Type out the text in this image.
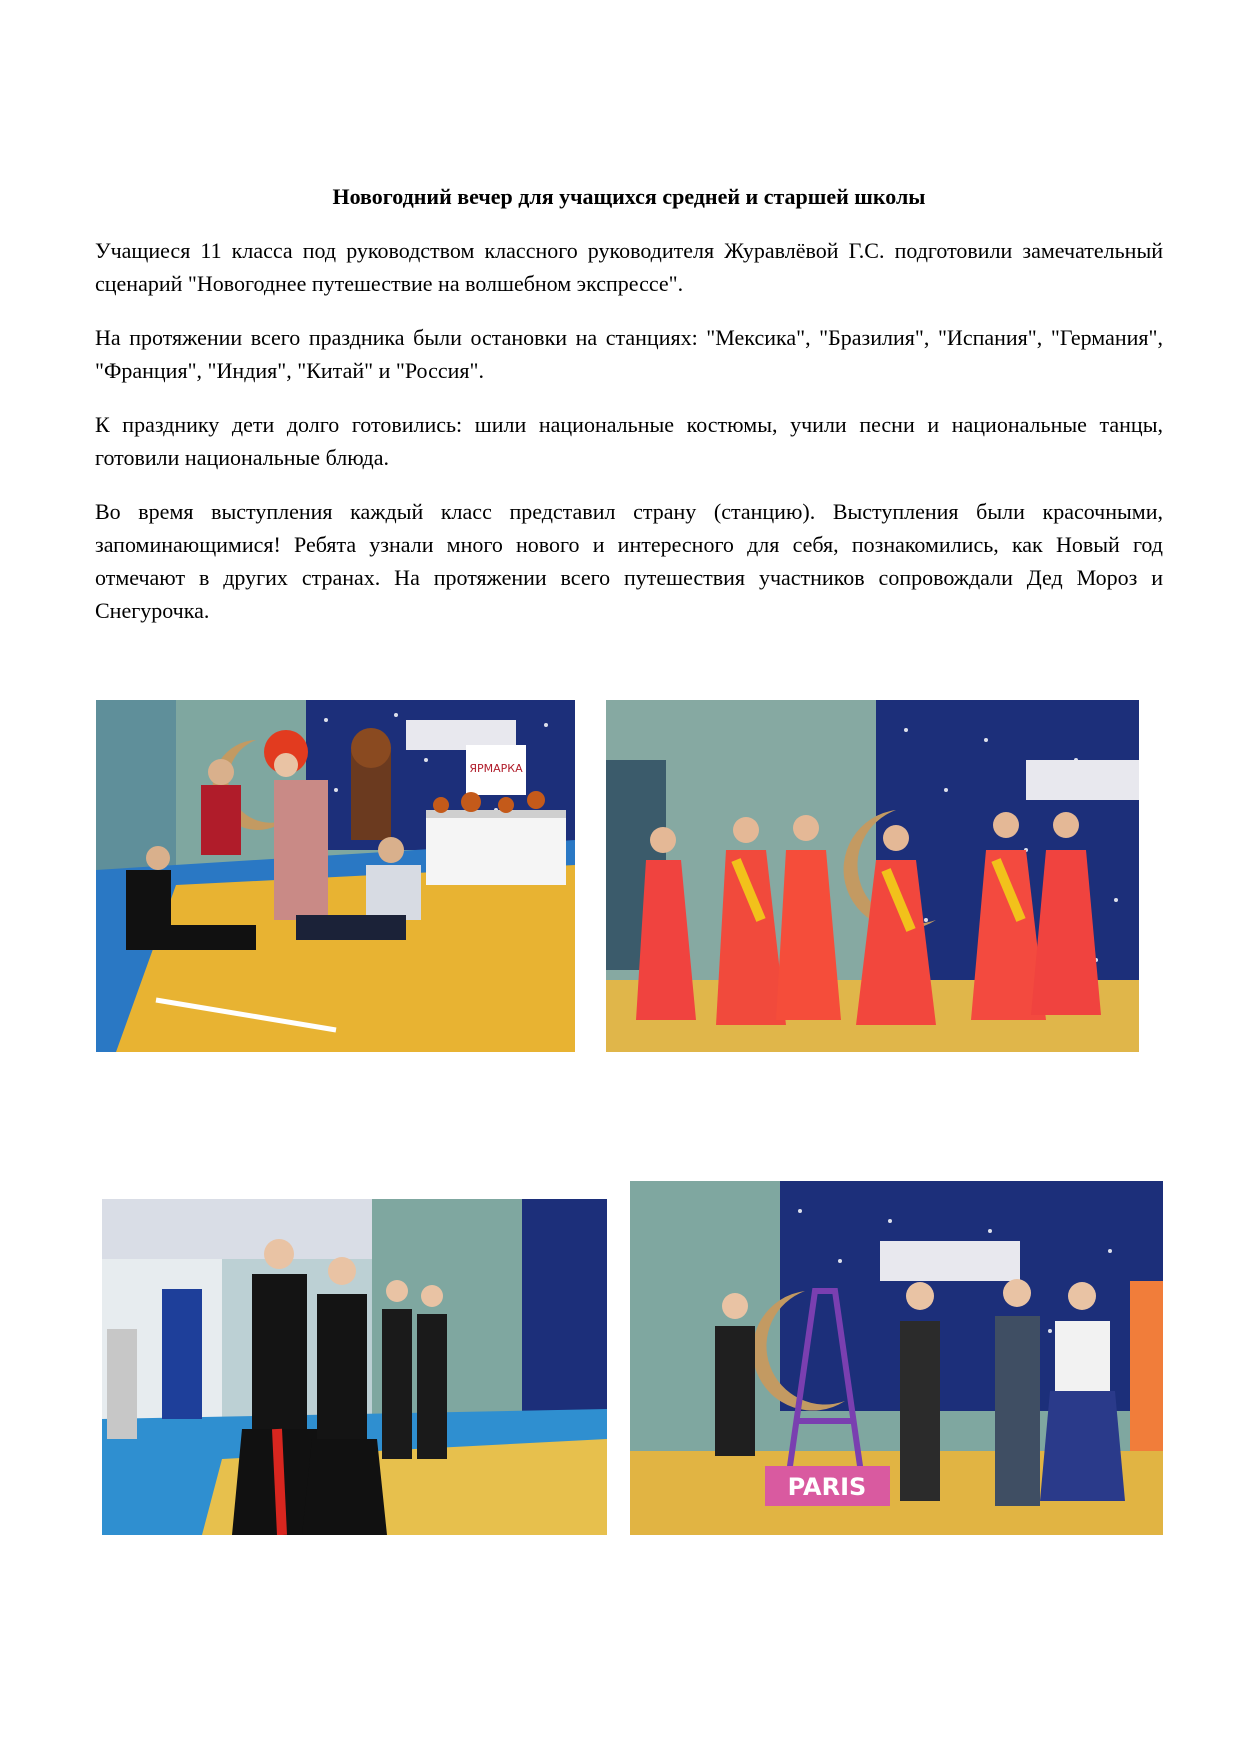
Новогодний вечер для учащихся средней и старшей школы

Учащиеся 11 класса под руководством классного руководителя Журавлёвой Г.С. подготовили замечательный сценарий "Новогоднее путешествие на волшебном экспрессе".

На протяжении всего праздника были остановки на станциях: "Мексика", "Бразилия", "Испания", "Германия", "Франция", "Индия", "Китай" и "Россия".

К празднику дети долго готовились: шили национальные костюмы, учили песни и национальные танцы, готовили национальные блюда.

Во время выступления каждый класс представил страну (станцию). Выступления были красочными, запоминающимися! Ребята узнали много нового и интересного для себя, познакомились, как Новый год отмечают в других странах. На протяжении всего путешествия участников сопровождали Дед Мороз и Снегурочка.

ЯРМАРКА
PARIS
